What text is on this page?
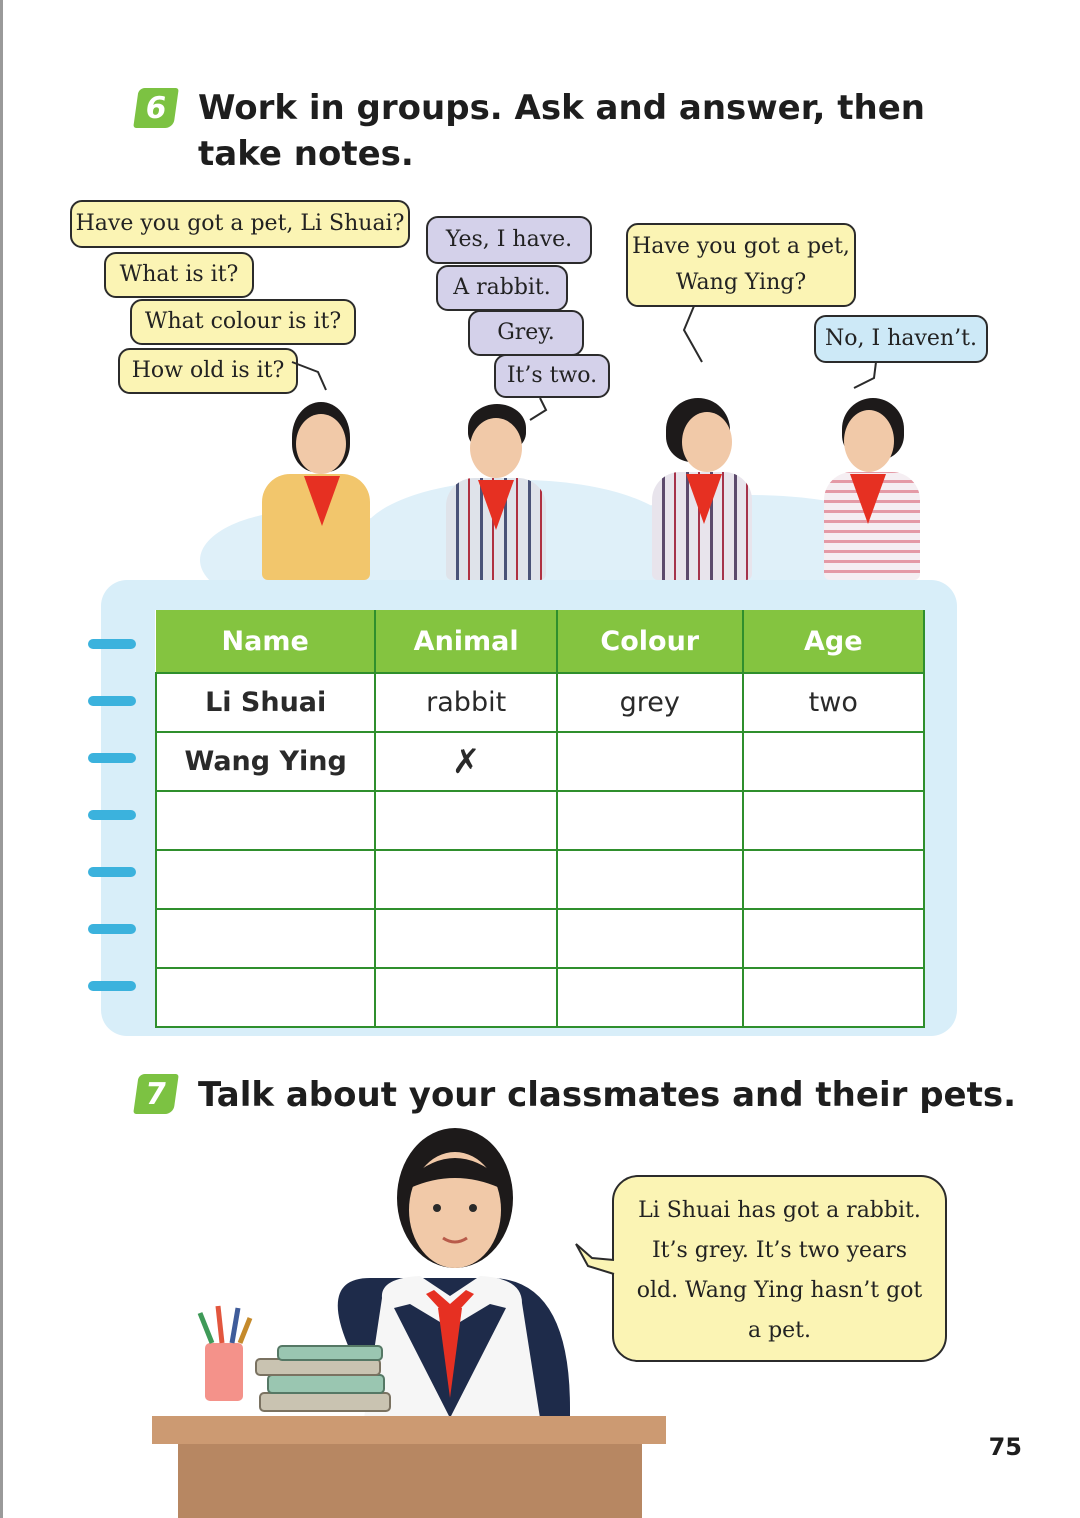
6 Work in groups. Ask and answer, then
take notes.
Have you got a pet, Li Shuai?
What is it?
What colour is it?
How old is it?
Yes, I have.
A rabbit.
Grey.
It’s two.
Have you got a pet,
Wang Ying?
No, I haven’t.
Name	Animal	Colour	Age
Li Shuai	rabbit	grey	two
Wang Ying	✗		

7 Talk about your classmates and their pets.
Li Shuai has got a rabbit.
It’s grey. It’s two years
old. Wang Ying hasn’t got
a pet.
75
